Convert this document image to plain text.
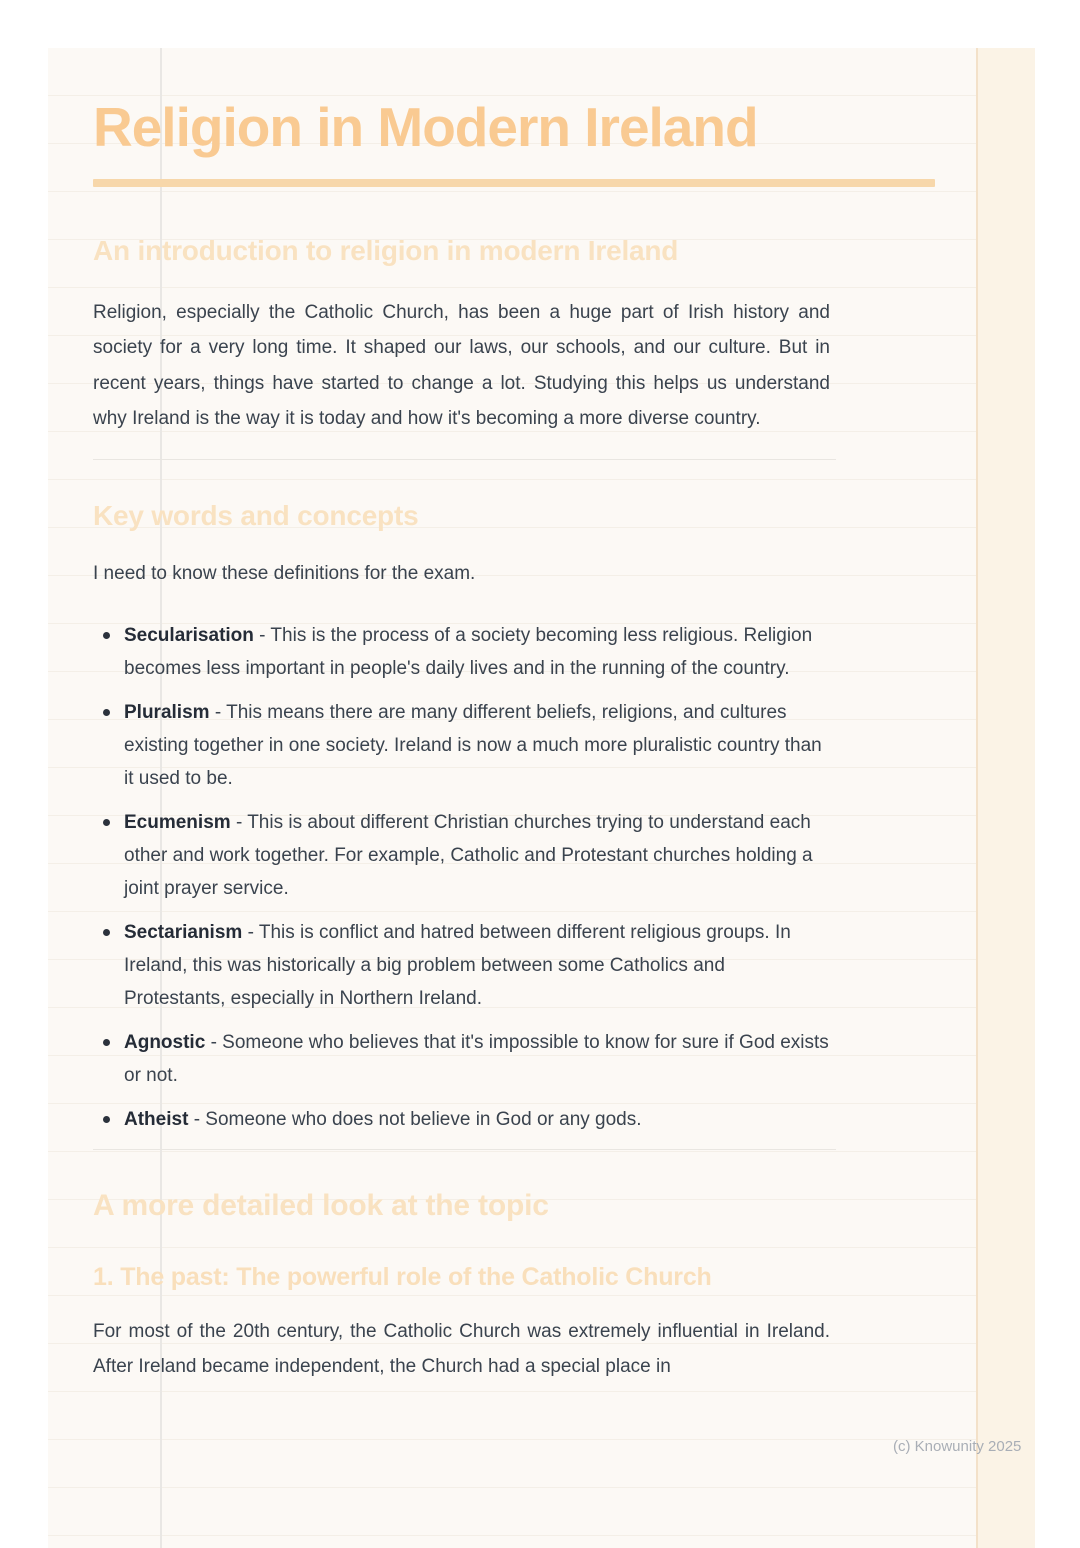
Religion in Modern Ireland
An introduction to religion in modern Ireland

Religion, especially the Catholic Church, has been a huge part of Irish history and society for a very long time. It shaped our laws, our schools, and our culture. But in recent years, things have started to change a lot. Studying this helps us understand why Ireland is the way it is today and how it's becoming a more diverse country.

Key words and concepts

I need to know these definitions for the exam.

Secularisation - This is the process of a society becoming less religious. Religion becomes less important in people's daily lives and in the running of the country.
Pluralism - This means there are many different beliefs, religions, and cultures existing together in one society. Ireland is now a much more pluralistic country than it used to be.
Ecumenism - This is about different Christian churches trying to understand each other and work together. For example, Catholic and Protestant churches holding a joint prayer service.
Sectarianism - This is conflict and hatred between different religious groups. In Ireland, this was historically a big problem between some Catholics and Protestants, especially in Northern Ireland.
Agnostic - Someone who believes that it's impossible to know for sure if God exists or not.
Atheist - Someone who does not believe in God or any gods.
A more detailed look at the topic
1. The past: The powerful role of the Catholic Church

For most of the 20th century, the Catholic Church was extremely influential in Ireland. After Ireland became independent, the Church had a special place in

(c) Knowunity 2025
